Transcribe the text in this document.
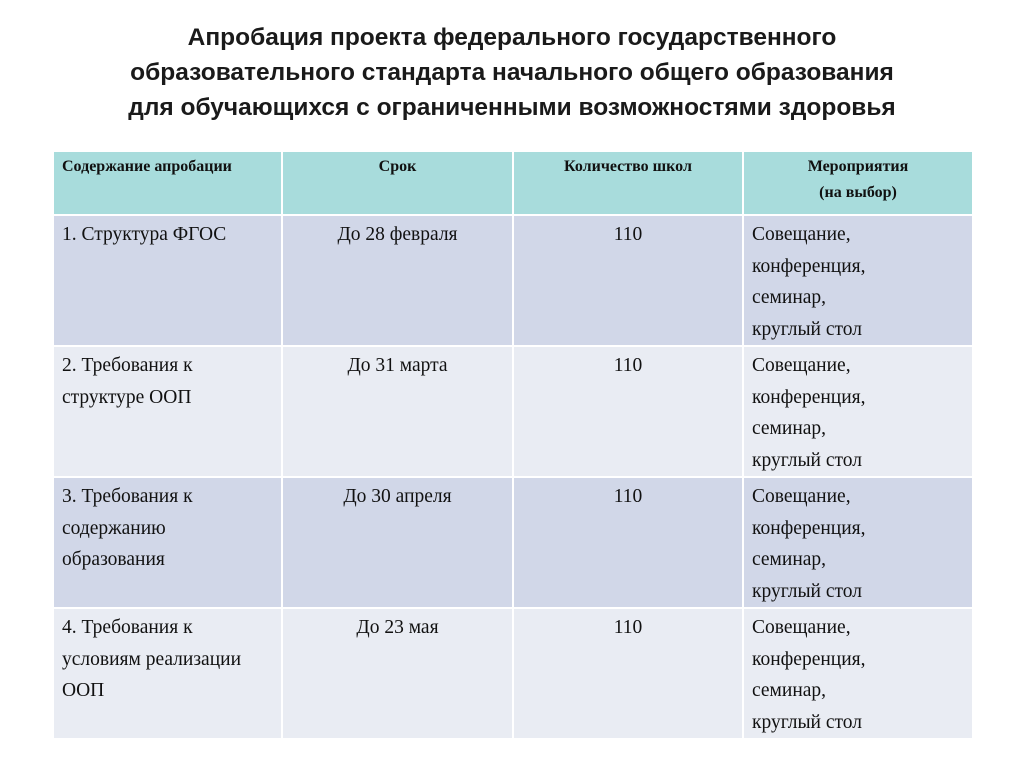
Апробация проекта федерального государственного
образовательного стандарта начального общего образования
для обучающихся с ограниченными возможностями здоровья
Содержание апробации	Срок	Количество школ	Мероприятия
(на выбор)

1. Структура ФГОС	До 28 февраля	110	Совещание,
конференция,
семинар,
круглый стол

2. Требования к
структуре ООП	До 31 марта	110	Совещание,
конференция,
семинар,
круглый стол

3. Требования к
содержанию
образования	До 30 апреля	110	Совещание,
конференция,
семинар,
круглый стол

4. Требования к
условиям реализации
ООП	До 23 мая	110	Совещание,
конференция,
семинар,
круглый стол
